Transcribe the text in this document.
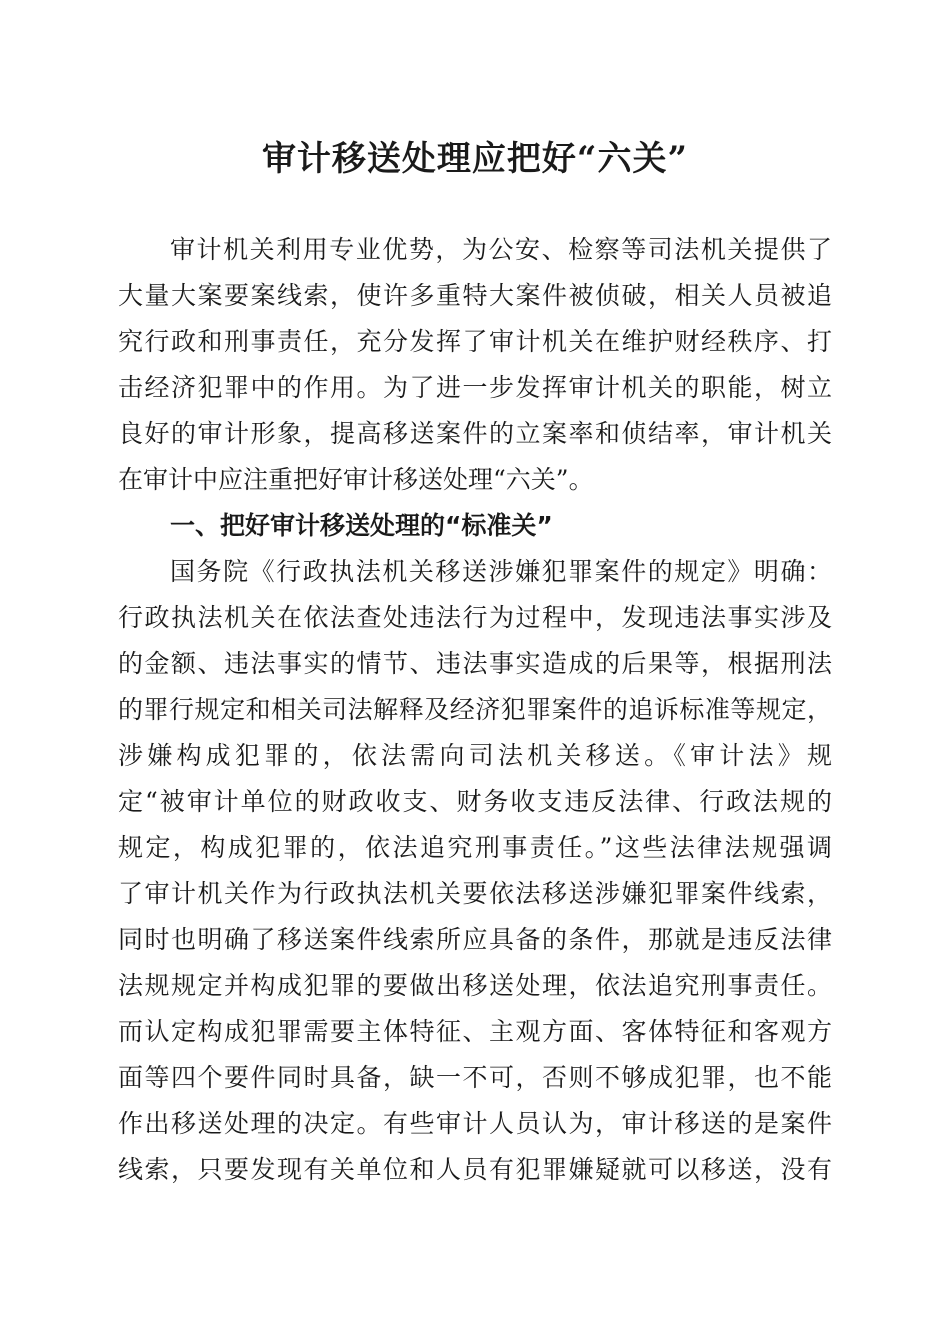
审计移送处理应把好“六关”

审计机关利用专业优势，为公安、检察等司法机关提供了

大量大案要案线索，使许多重特大案件被侦破，相关人员被追

究行政和刑事责任，充分发挥了审计机关在维护财经秩序、打

击经济犯罪中的作用。为了进一步发挥审计机关的职能，树立

良好的审计形象，提高移送案件的立案率和侦结率，审计机关

在审计中应注重把好审计移送处理“六关”。

一、把好审计移送处理的“标准关”

国务院《行政执法机关移送涉嫌犯罪案件的规定》明确：

行政执法机关在依法查处违法行为过程中，发现违法事实涉及

的金额、违法事实的情节、违法事实造成的后果等，根据刑法

的罪行规定和相关司法解释及经济犯罪案件的追诉标准等规定，

涉嫌构成犯罪的，依法需向司法机关移送。《审计法》规

定“被审计单位的财政收支、财务收支违反法律、行政法规的

规定，构成犯罪的，依法追究刑事责任。”这些法律法规强调

了审计机关作为行政执法机关要依法移送涉嫌犯罪案件线索，

同时也明确了移送案件线索所应具备的条件，那就是违反法律

法规规定并构成犯罪的要做出移送处理，依法追究刑事责任。

而认定构成犯罪需要主体特征、主观方面、客体特征和客观方

面等四个要件同时具备，缺一不可，否则不够成犯罪，也不能

作出移送处理的决定。有些审计人员认为，审计移送的是案件

线索，只要发现有关单位和人员有犯罪嫌疑就可以移送，没有
